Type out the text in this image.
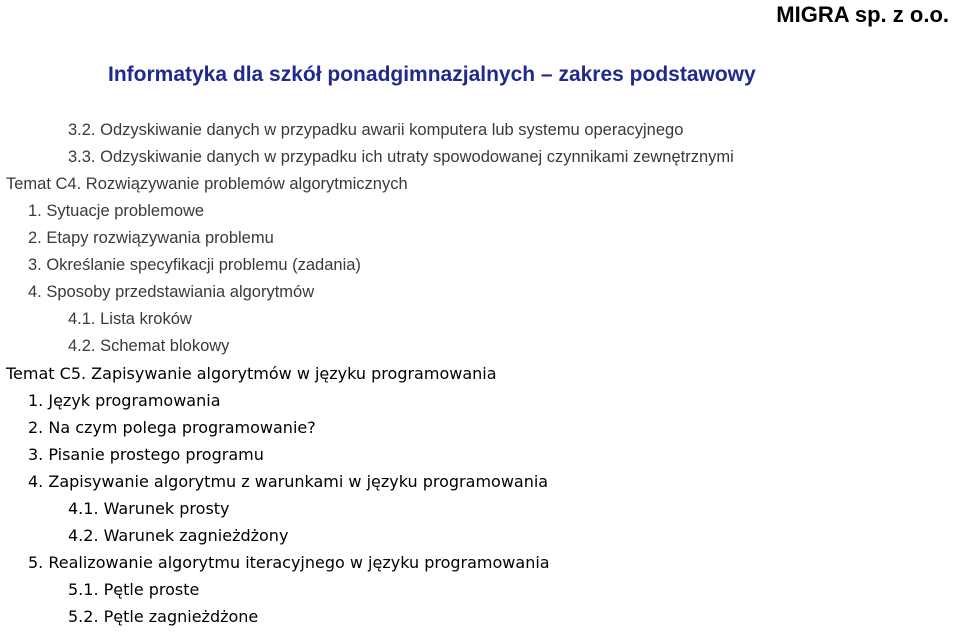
MIGRA sp. z o.o.
Informatyka dla szkół ponadgimnazjalnych – zakres podstawowy
3.2. Odzyskiwanie danych w przypadku awarii komputera lub systemu operacyjnego
3.3. Odzyskiwanie danych w przypadku ich utraty spowodowanej czynnikami zewnętrznymi
Temat C4. Rozwiązywanie problemów algorytmicznych
1. Sytuacje problemowe
2. Etapy rozwiązywania problemu
3. Określanie specyfikacji problemu (zadania)
4. Sposoby przedstawiania algorytmów
4.1. Lista kroków
4.2. Schemat blokowy
Temat C5. Zapisywanie algorytmów w języku programowania
1. Język programowania
2. Na czym polega programowanie?
3. Pisanie prostego programu
4. Zapisywanie algorytmu z warunkami w języku programowania
4.1. Warunek prosty
4.2. Warunek zagnieżdżony
5. Realizowanie algorytmu iteracyjnego w języku programowania
5.1. Pętle proste
5.2. Pętle zagnieżdżone
